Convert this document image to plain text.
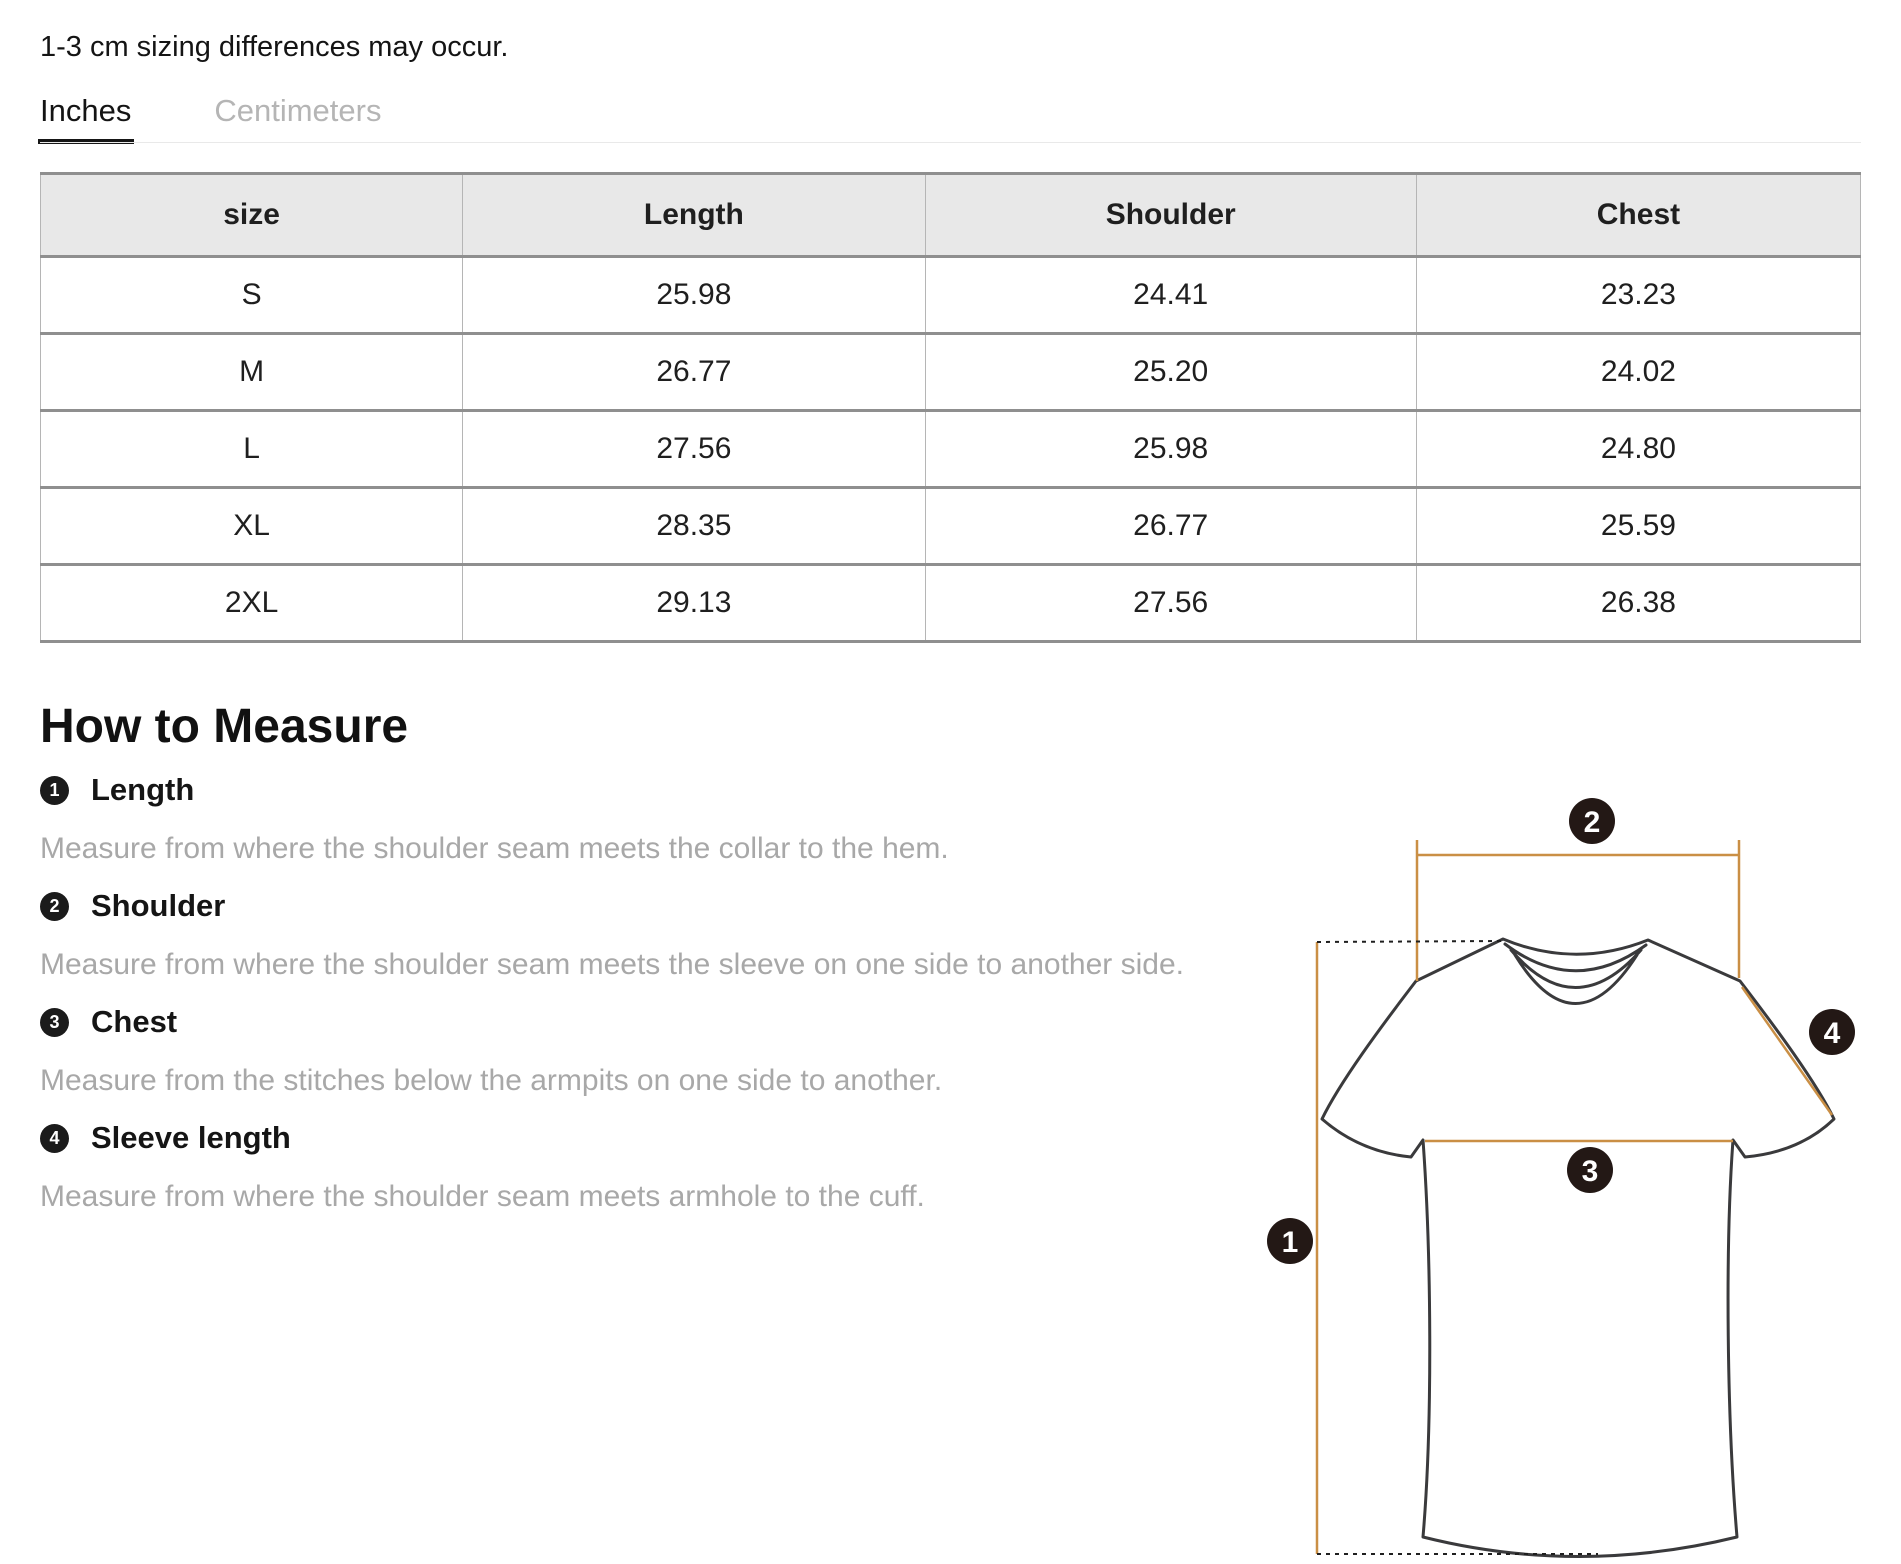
1-3 cm sizing differences may occur.
Inches	Centimeters
size	Length	Shoulder	Chest
S	25.98	24.41	23.23
M	26.77	25.20	24.02
L	27.56	25.98	24.80
XL	28.35	26.77	25.59
2XL	29.13	27.56	26.38
How to Measure
1	Length
Measure from where the shoulder seam meets the collar to the hem.
2	Shoulder
Measure from where the shoulder seam meets the sleeve on one side to another side.
3	Chest
Measure from the stitches below the armpits on one side to another.
4	Sleeve length
Measure from where the shoulder seam meets armhole to the cuff.
1
2
3
4
